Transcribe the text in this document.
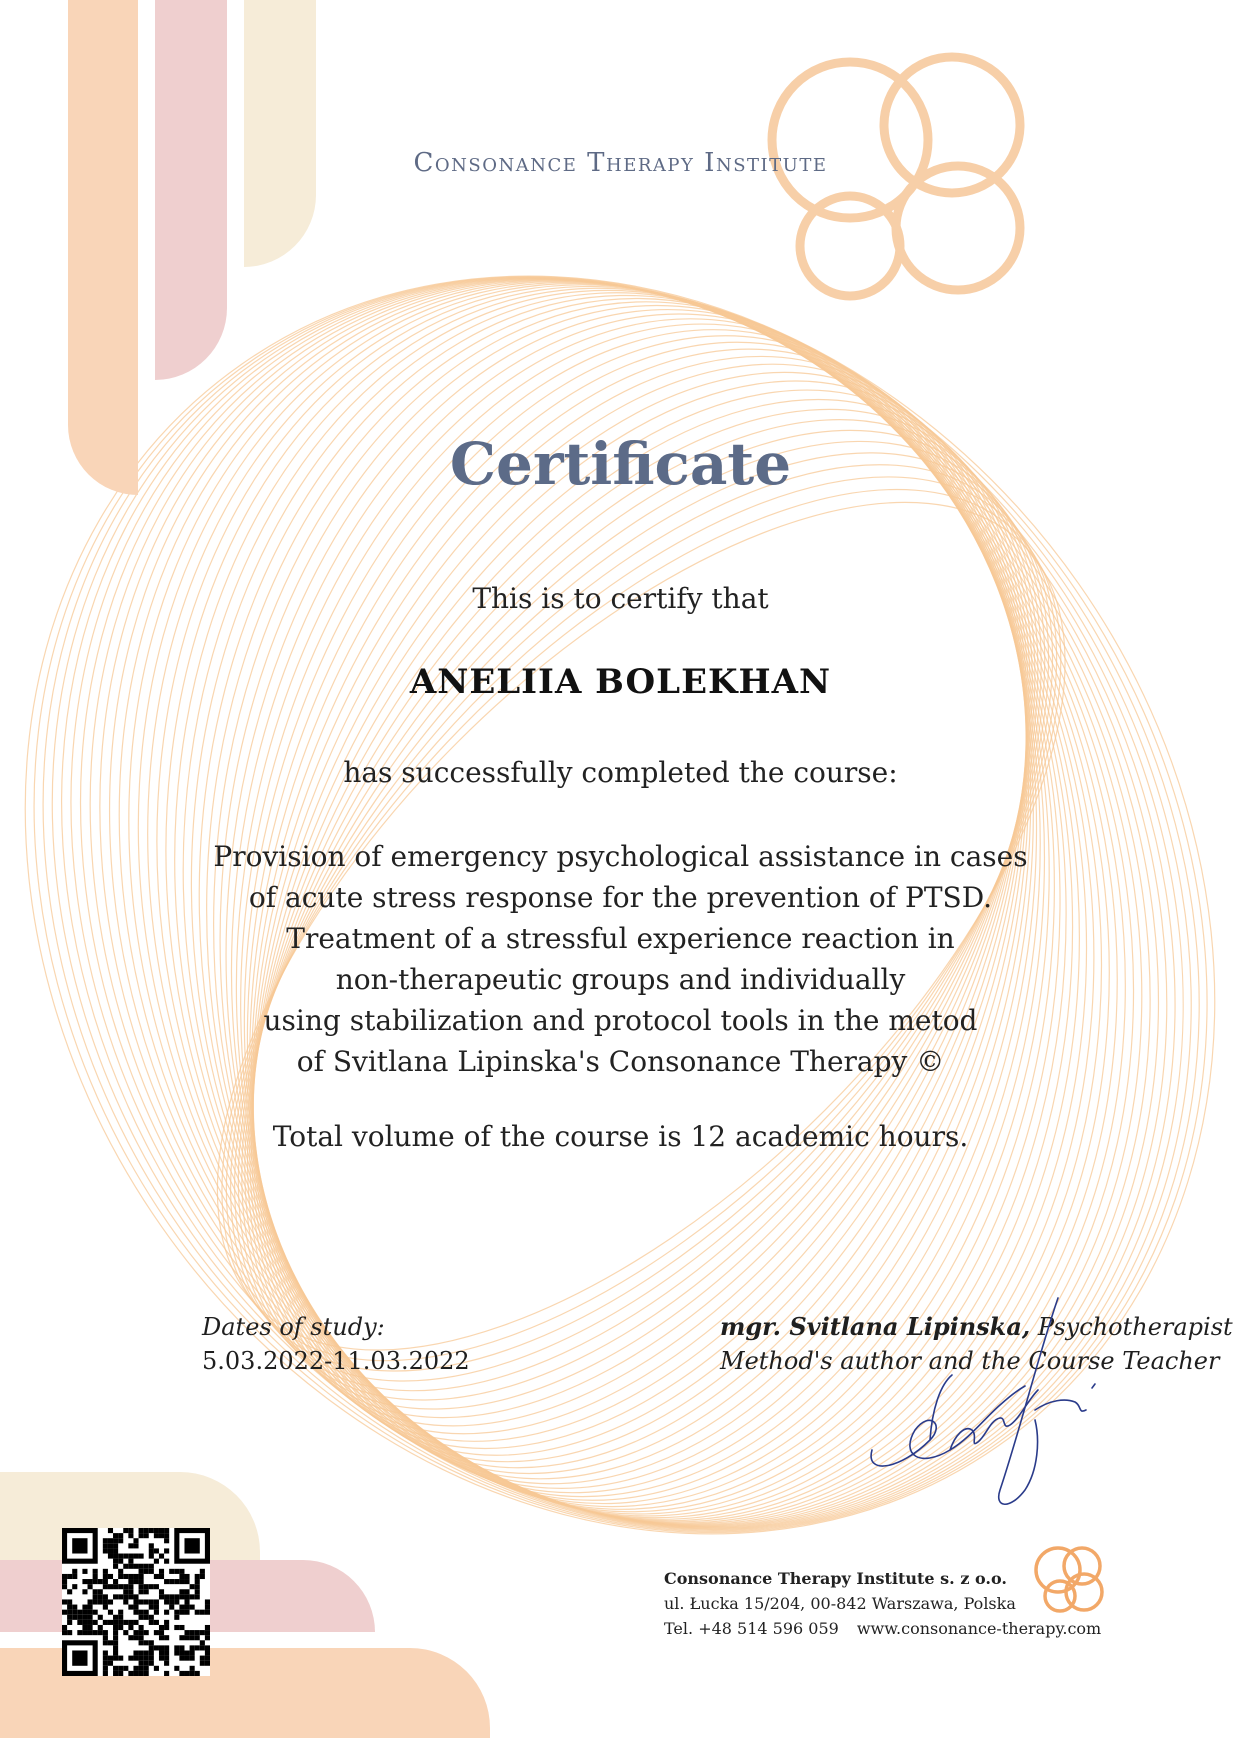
Consonance Therapy Institute
Certificate
This is to certify that
ANELIIA BOLEKHAN
has successfully completed the course:
Provision of emergency psychological assistance in cases
of acute stress response for the prevention of PTSD.
Treatment of a stressful experience reaction in
non-therapeutic groups and individually
using stabilization and protocol tools in the metod
of Svitlana Lipinska's Consonance Therapy ©
Total volume of the course is 12 academic hours.
Dates of study:
5.03.2022-11.03.2022
mgr. Svitlana Lipinska, Psychotherapist
Method's author and the Course Teacher
Consonance Therapy Institute s. z o.o.
ul. Łucka 15/204, 00-842 Warszawa, Polska
Tel. +48 514 596 059 www.consonance-therapy.com
